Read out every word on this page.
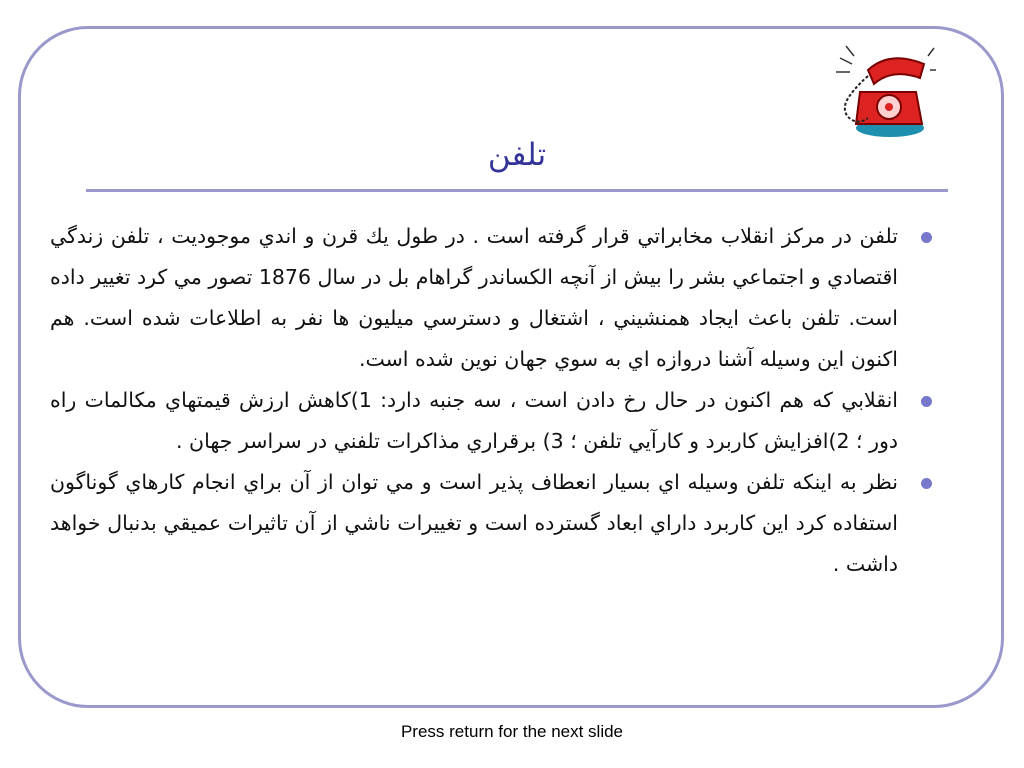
تلفن
تلفن در مركز انقلاب مخابراتي قرار گرفته است . در طول يك قرن و اندي موجوديت ، تلفن زندگي اقتصادي و اجتماعي بشر را بيش از آنچه الكساندر گراهام بل در سال 1876 تصور مي كرد تغيير داده است. تلفن باعث ايجاد همنشيني ، اشتغال و دسترسي ميليون ها نفر به اطلاعات شده است. هم اكنون اين وسيله آشنا دروازه اي به سوي جهان نوين شده است.
انقلابي كه هم اكنون در حال رخ دادن است ، سه جنبه دارد: 1)كاهش ارزش قيمتهاي مكالمات راه دور ؛ 2)افزايش كاربرد و كارآيي تلفن ؛ 3) برقراري مذاكرات تلفني در سراسر جهان .
نظر به اينكه تلفن وسيله اي بسيار انعطاف پذير است و مي توان از آن براي انجام كارهاي گوناگون استفاده كرد اين كاربرد داراي ابعاد گسترده است و تغييرات ناشي از آن تاثيرات عميقي بدنبال خواهد داشت .
Press return for the next slide
